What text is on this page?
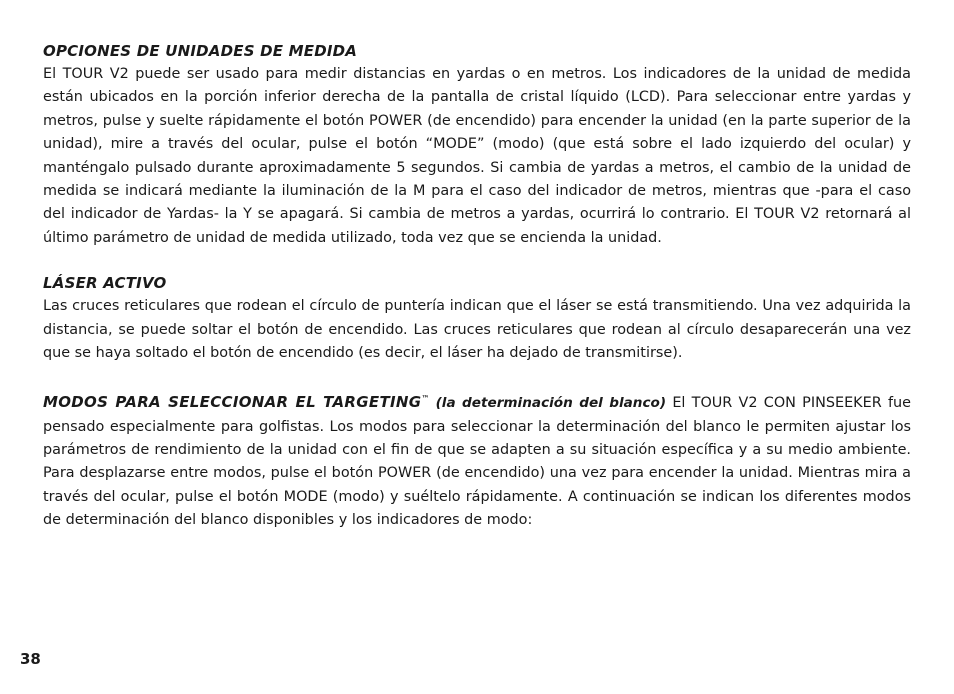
OPCIONES DE UNIDADES DE MEDIDA

El TOUR V2 puede ser usado para medir distancias en yardas o en metros. Los indicadores de la unidad de medida están ubicados en la porción inferior derecha de la pantalla de cristal líquido (LCD). Para seleccionar entre yardas y metros, pulse y suelte rápidamente el botón POWER (de encendido) para encender la unidad (en la parte superior de la unidad), mire a través del ocular, pulse el botón “MODE” (modo) (que está sobre el lado izquierdo del ocular) y manténgalo pulsado durante aproximadamente 5 segundos. Si cambia de yardas a metros, el cambio de la unidad de medida se indicará mediante la iluminación de la M para el caso del indicador de metros, mientras que -para el caso del indicador de Yardas- la Y se apagará. Si cambia de metros a yardas, ocurrirá lo contrario. El TOUR V2 retornará al último parámetro de unidad de medida utilizado, toda vez que se encienda la unidad.

LÁSER ACTIVO

Las cruces reticulares que rodean el círculo de puntería indican que el láser se está transmitiendo. Una vez adquirida la distancia, se puede soltar el botón de encendido. Las cruces reticulares que rodean al círculo desaparecerán una vez que se haya soltado el botón de encendido (es decir, el láser ha dejado de transmitirse).

MODOS PARA SELECCIONAR EL TARGETING™ (la determinación del blanco) El TOUR V2 CON PINSEEKER fue pensado especialmente para golfistas. Los modos para seleccionar la determinación del blanco le permiten ajustar los parámetros de rendimiento de la unidad con el fin de que se adapten a su situación específica y a su medio ambiente. Para desplazarse entre modos, pulse el botón POWER (de encendido) una vez para encender la unidad. Mientras mira a través del ocular, pulse el botón MODE (modo) y suéltelo rápidamente. A continuación se indican los diferentes modos de determinación del blanco disponibles y los indicadores de modo:

38
